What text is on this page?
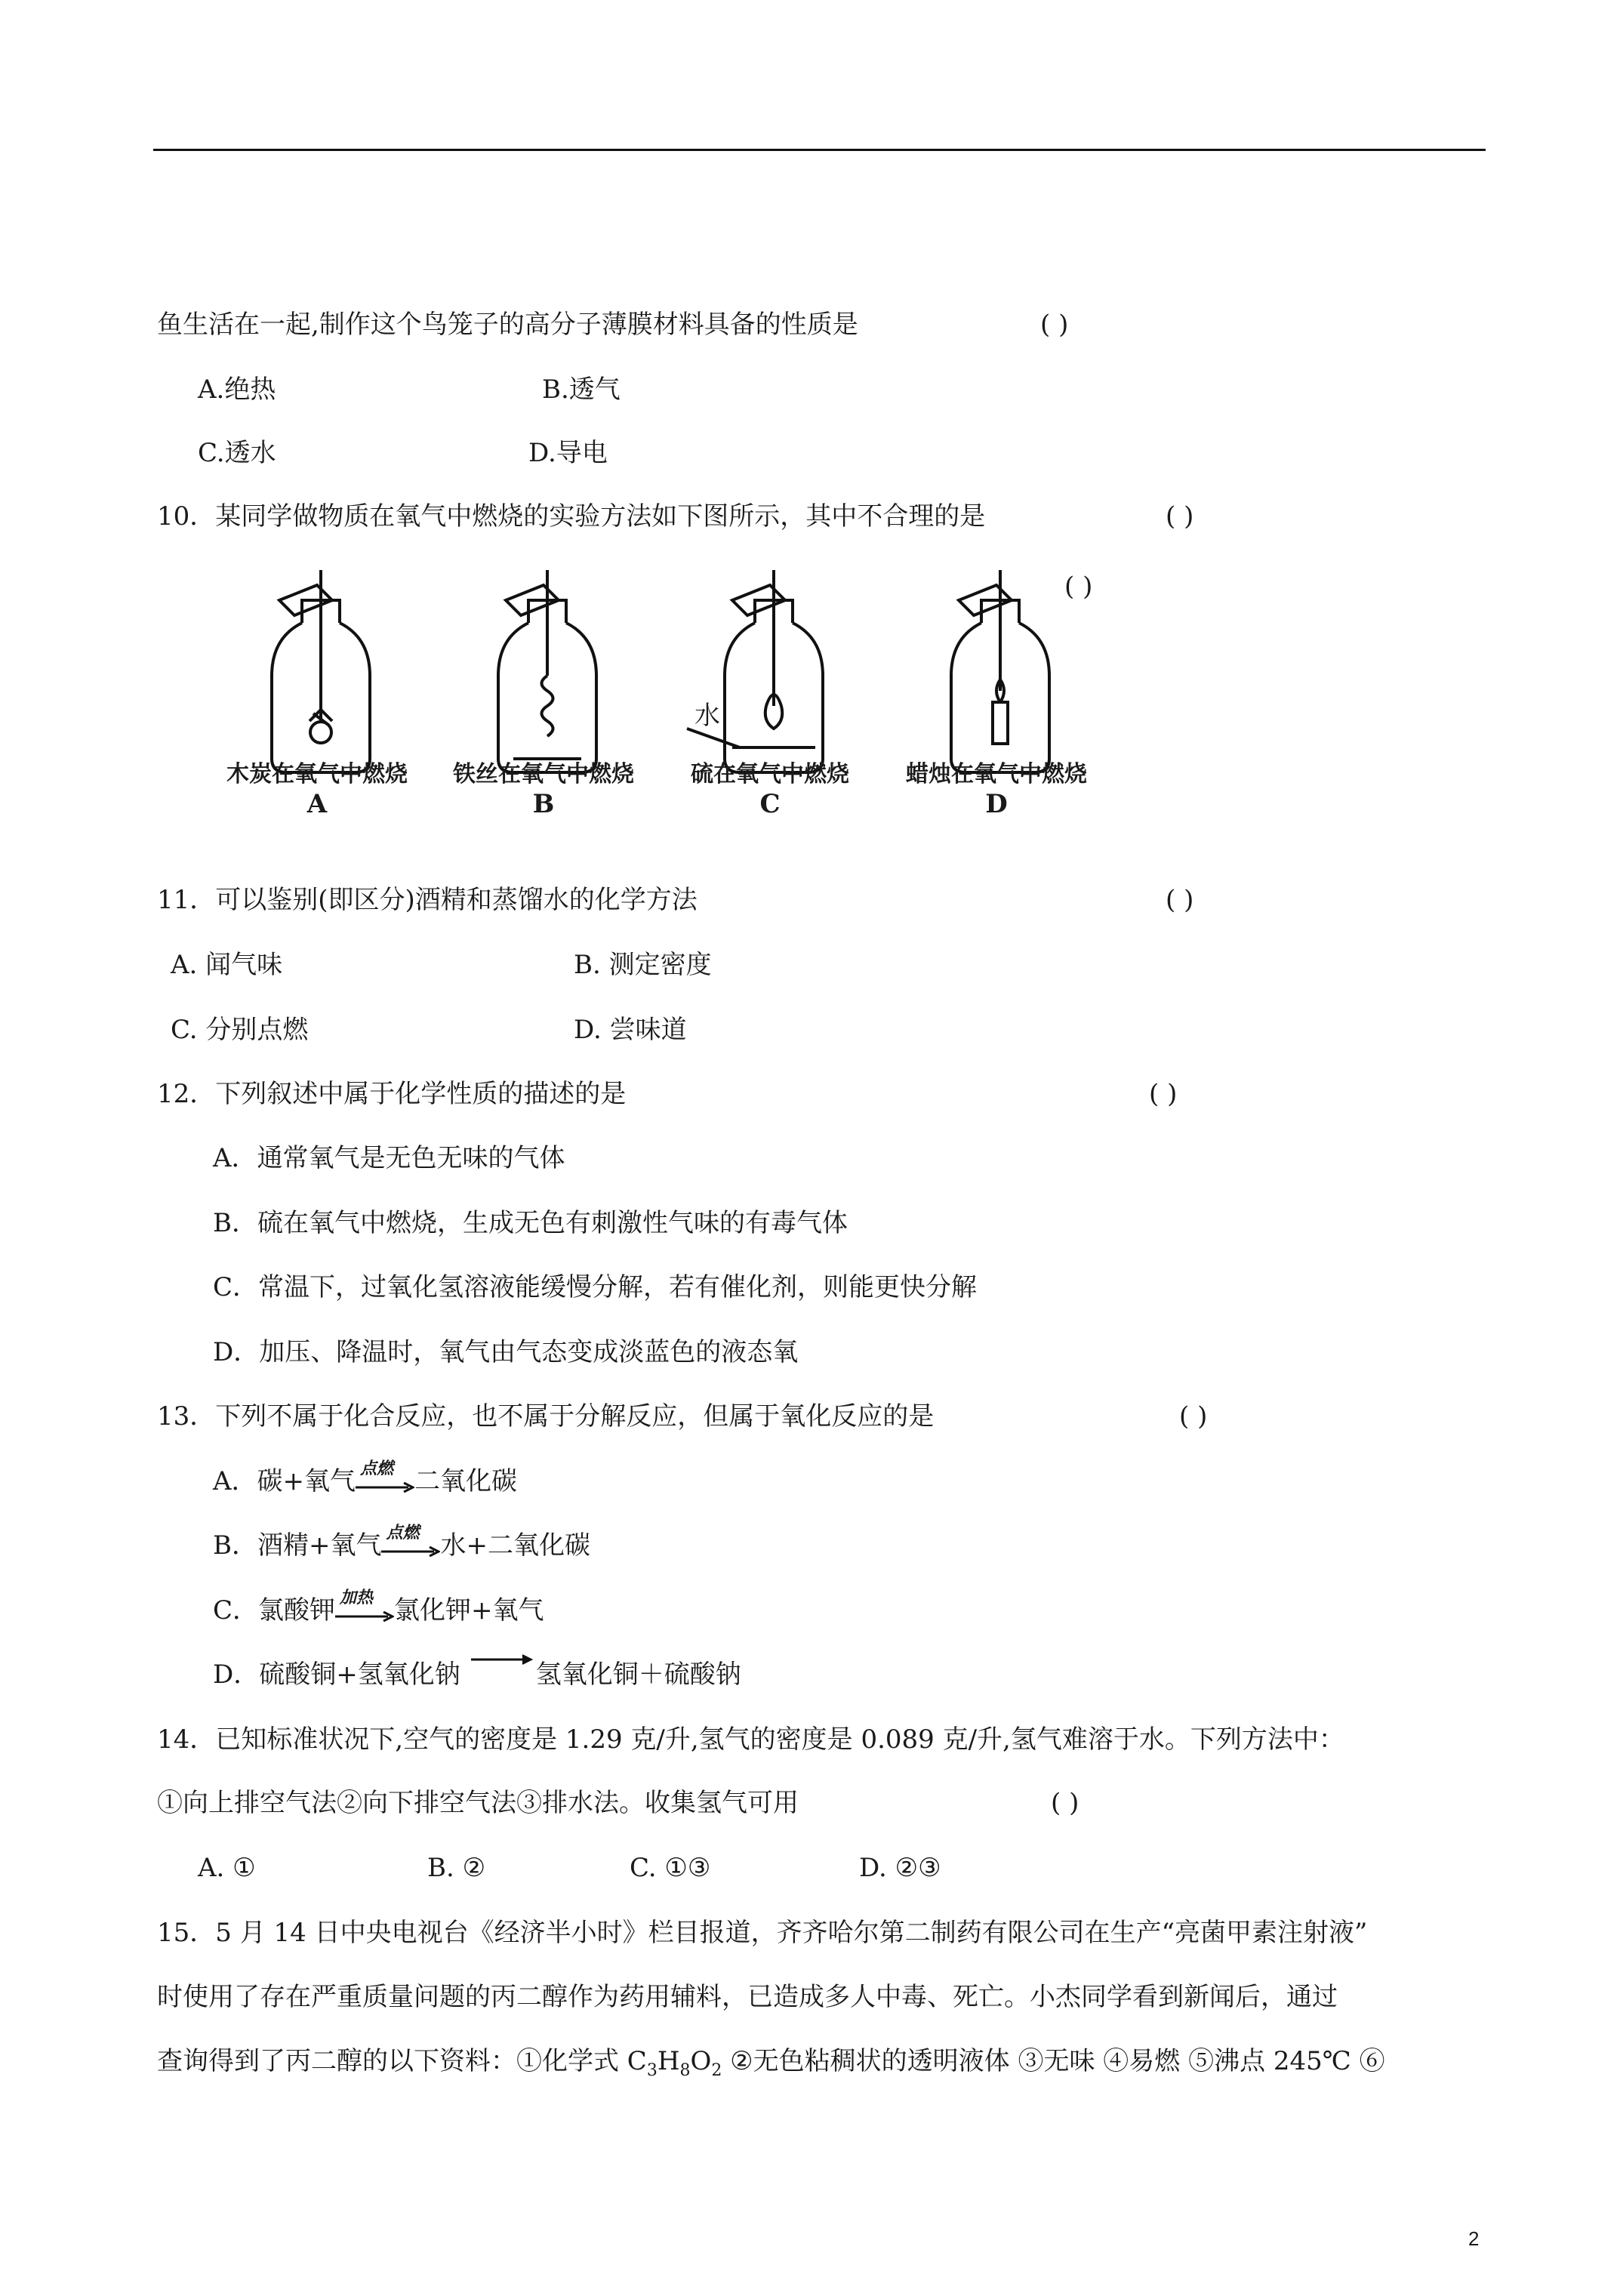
鱼生活在一起,制作这个鸟笼子的高分子薄膜材料具备的性质是	( )
A.绝热	B.透气
C.透水	D.导电
10．某同学做物质在氧气中燃烧的实验方法如下图所示，其中不合理的是	( )
( )
水
木炭在氧气中燃烧	铁丝在氧气中燃烧	硫在氧气中燃烧	蜡烛在氧气中燃烧
A	B	C	D
11．可以鉴别(即区分)酒精和蒸馏水的化学方法	( )
A. 闻气味	B. 测定密度
C. 分别点燃	D. 尝味道
12．下列叙述中属于化学性质的描述的是	( )
A．通常氧气是无色无味的气体
B．硫在氧气中燃烧，生成无色有刺激性气味的有毒气体
C．常温下，过氧化氢溶液能缓慢分解，若有催化剂，则能更快分解
D．加压、降温时，氧气由气态变成淡蓝色的液态氧
13．下列不属于化合反应，也不属于分解反应，但属于氧化反应的是	( )
A．碳+氧气 点燃 二氧化碳
B．酒精+氧气 点燃 水+二氧化碳
C．氯酸钾 加热 氯化钾+氧气
D．硫酸铜+氢氧化钠→氢氧化铜＋硫酸钠
14．已知标准状况下,空气的密度是 1.29 克/升,氢气的密度是 0.089 克/升,氢气难溶于水。下列方法中：
①向上排空气法②向下排空气法③排水法。收集氢气可用	( )
A. ①	B. ②	C. ①③	D. ②③
15．5 月 14 日中央电视台《经济半小时》栏目报道，齐齐哈尔第二制药有限公司在生产“亮菌甲素注射液”
时使用了存在严重质量问题的丙二醇作为药用辅料，已造成多人中毒、死亡。小杰同学看到新闻后，通过
查询得到了丙二醇的以下资料：①化学式 $C_3H_8O_2$ ②无色粘稠状的透明液体 ③无味 ④易燃 ⑤沸点 245℃ ⑥
2
